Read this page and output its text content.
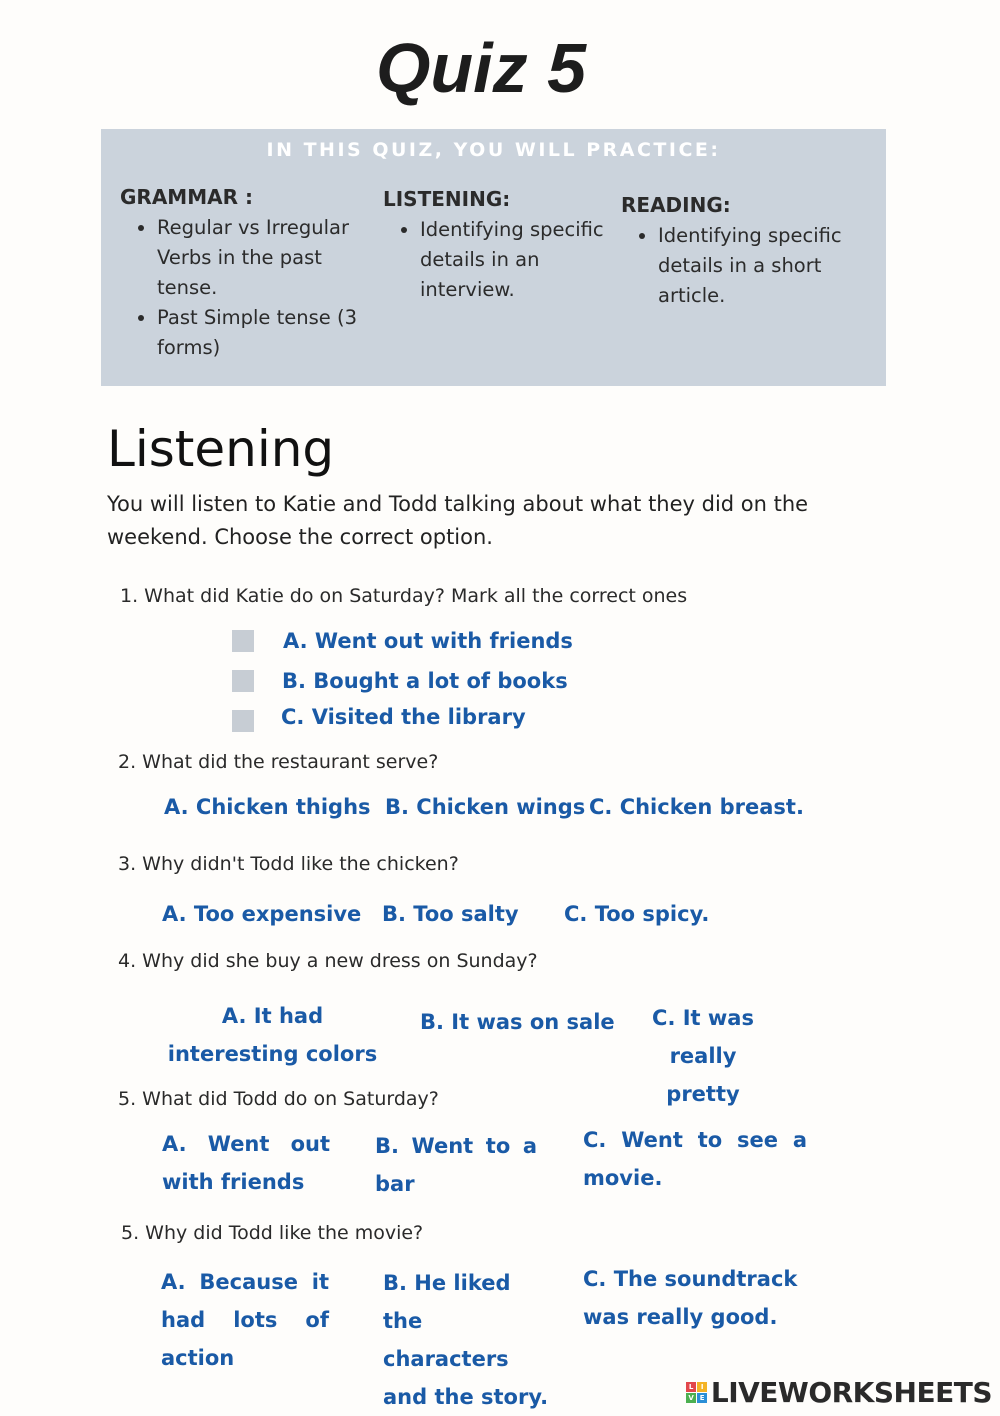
Quiz 5
IN THIS QUIZ, YOU WILL PRACTICE:
GRAMMAR :
• Regular vs Irregular Verbs in the past tense.
• Past Simple tense (3 forms)
LISTENING:
• Identifying specific details in an interview.
READING:
• Identifying specific details in a short article.
Listening
You will listen to Katie and Todd talking about what they did on the weekend. Choose the correct option.
1. What did Katie do on Saturday? Mark all the correct ones
A. Went out with friends
B. Bought a lot of books
C. Visited the library
2. What did the restaurant serve?
A. Chicken thighs B. Chicken wings C. Chicken breast.
3. Why didn't Todd like the chicken?
A. Too expensive B. Too salty C. Too spicy.
4. Why did she buy a new dress on Sunday?
A. It had interesting colors
B. It was on sale	C. It was really pretty
5. What did Todd do on Saturday?
A. Went out with friends
B. Went to a bar
C. Went to see a movie.
5. Why did Todd like the movie?
A. Because it had lots of action
B. He liked the characters and the story.
C. The soundtrack was really good.
L	I
V E LIVEWORKSHEETS
